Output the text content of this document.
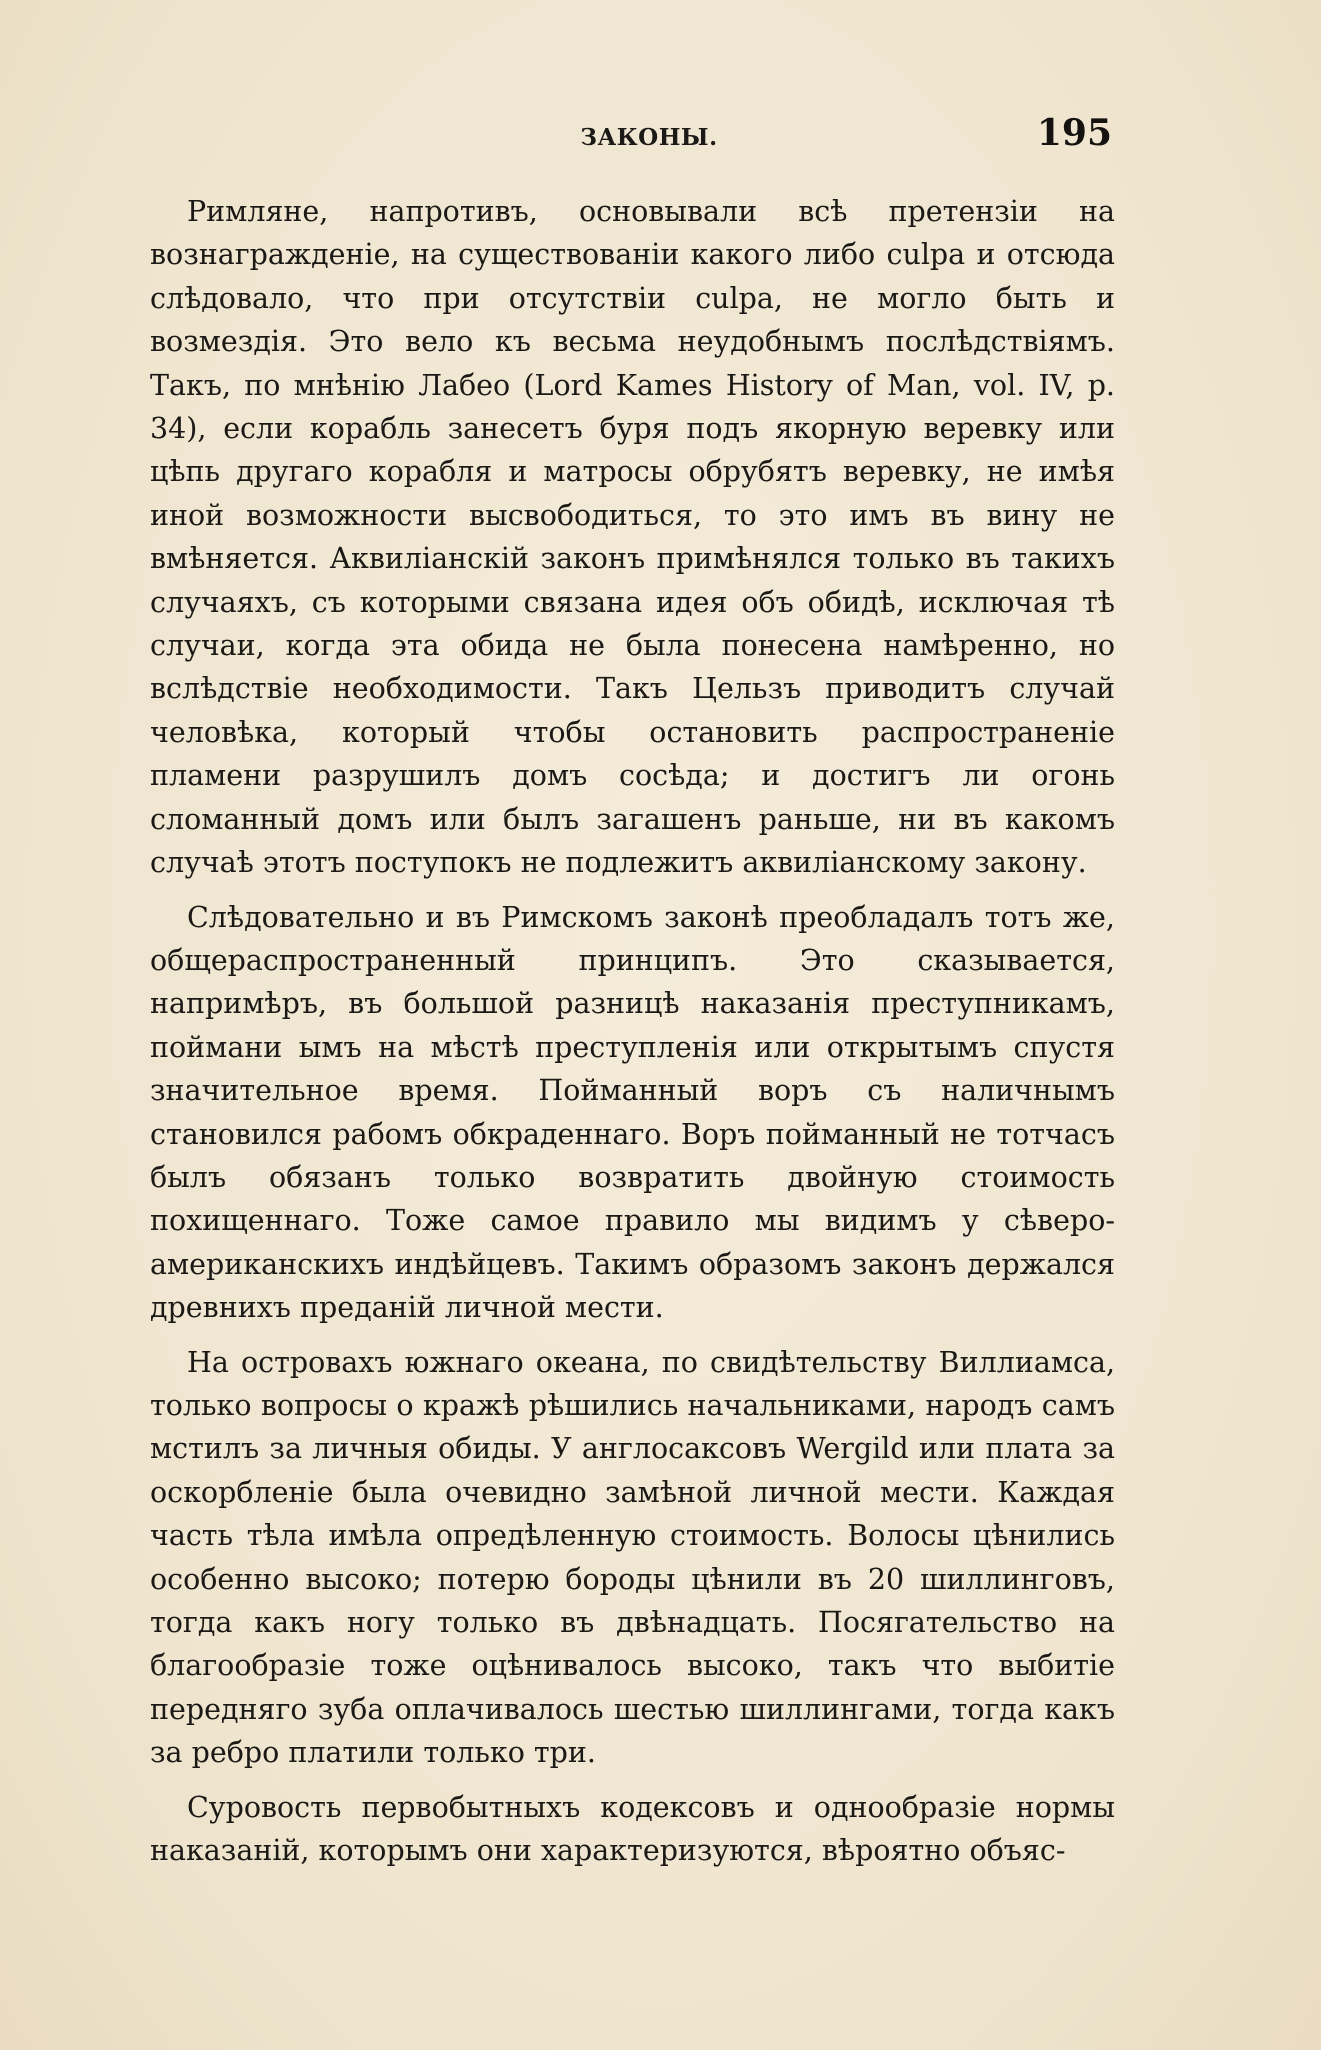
ЗАКОНЫ.	195

Римляне, напротивъ, основывали всѣ претензіи на вознагражденіе, на существованіи какого либо culpa и отсюда слѣдовало, что при отсутствіи culpa, не могло быть и возмездія. Это вело къ весьма неудобнымъ послѣдствіямъ. Такъ, по мнѣнію Лабео (Lord Kames History of Man, vol. IV, p. 34), если корабль занесетъ буря подъ якорную веревку или цѣпь другаго корабля и матросы обрубятъ веревку, не имѣя иной возможности высвободиться, то это имъ въ вину не вмѣняется. Аквиліанскій законъ примѣнялся только въ такихъ случаяхъ, съ которыми связана идея объ обидѣ, исключая тѣ случаи, когда эта обида не была понесена намѣренно, но вслѣдствіе необходимости. Такъ Цельзъ приводитъ случай человѣка, который чтобы остановить распространеніе пламени разрушилъ домъ сосѣда; и достигъ ли огонь сломанный домъ или былъ загашенъ раньше, ни въ какомъ случаѣ этотъ поступокъ не подлежитъ аквиліанскому закону.

Слѣдовательно и въ Римскомъ законѣ преобладалъ тотъ же, общераспространенный принципъ. Это сказывается, напримѣръ, въ большой разницѣ наказанія преступникамъ, поймани ымъ на мѣстѣ преступленія или открытымъ спустя значительное время. Пойманный воръ съ наличнымъ становился рабомъ обкраденнаго. Воръ пойманный не тотчасъ былъ обязанъ только возвратить двойную стоимость похищеннаго. Тоже самое правило мы видимъ у сѣверо-американскихъ индѣйцевъ. Такимъ образомъ законъ держался древнихъ преданій личной мести.

На островахъ южнаго океана, по свидѣтельству Виллиамса, только вопросы о кражѣ рѣшились начальниками, народъ самъ мстилъ за личныя обиды. У англосаксовъ Wergild или плата за оскорбленіе была очевидно замѣной личной мести. Каждая часть тѣла имѣла опредѣленную стоимость. Волосы цѣнились особенно высоко; потерю бороды цѣнили въ 20 шиллинговъ, тогда какъ ногу только въ двѣнадцать. Посягательство на благообразіе тоже оцѣнивалось высоко, такъ что выбитіе передняго зуба оплачивалось шестью шиллингами, тогда какъ за ребро платили только три.

Суровость первобытныхъ кодексовъ и однообразіе нормы наказаній, которымъ они характеризуются, вѣроятно объяс-
